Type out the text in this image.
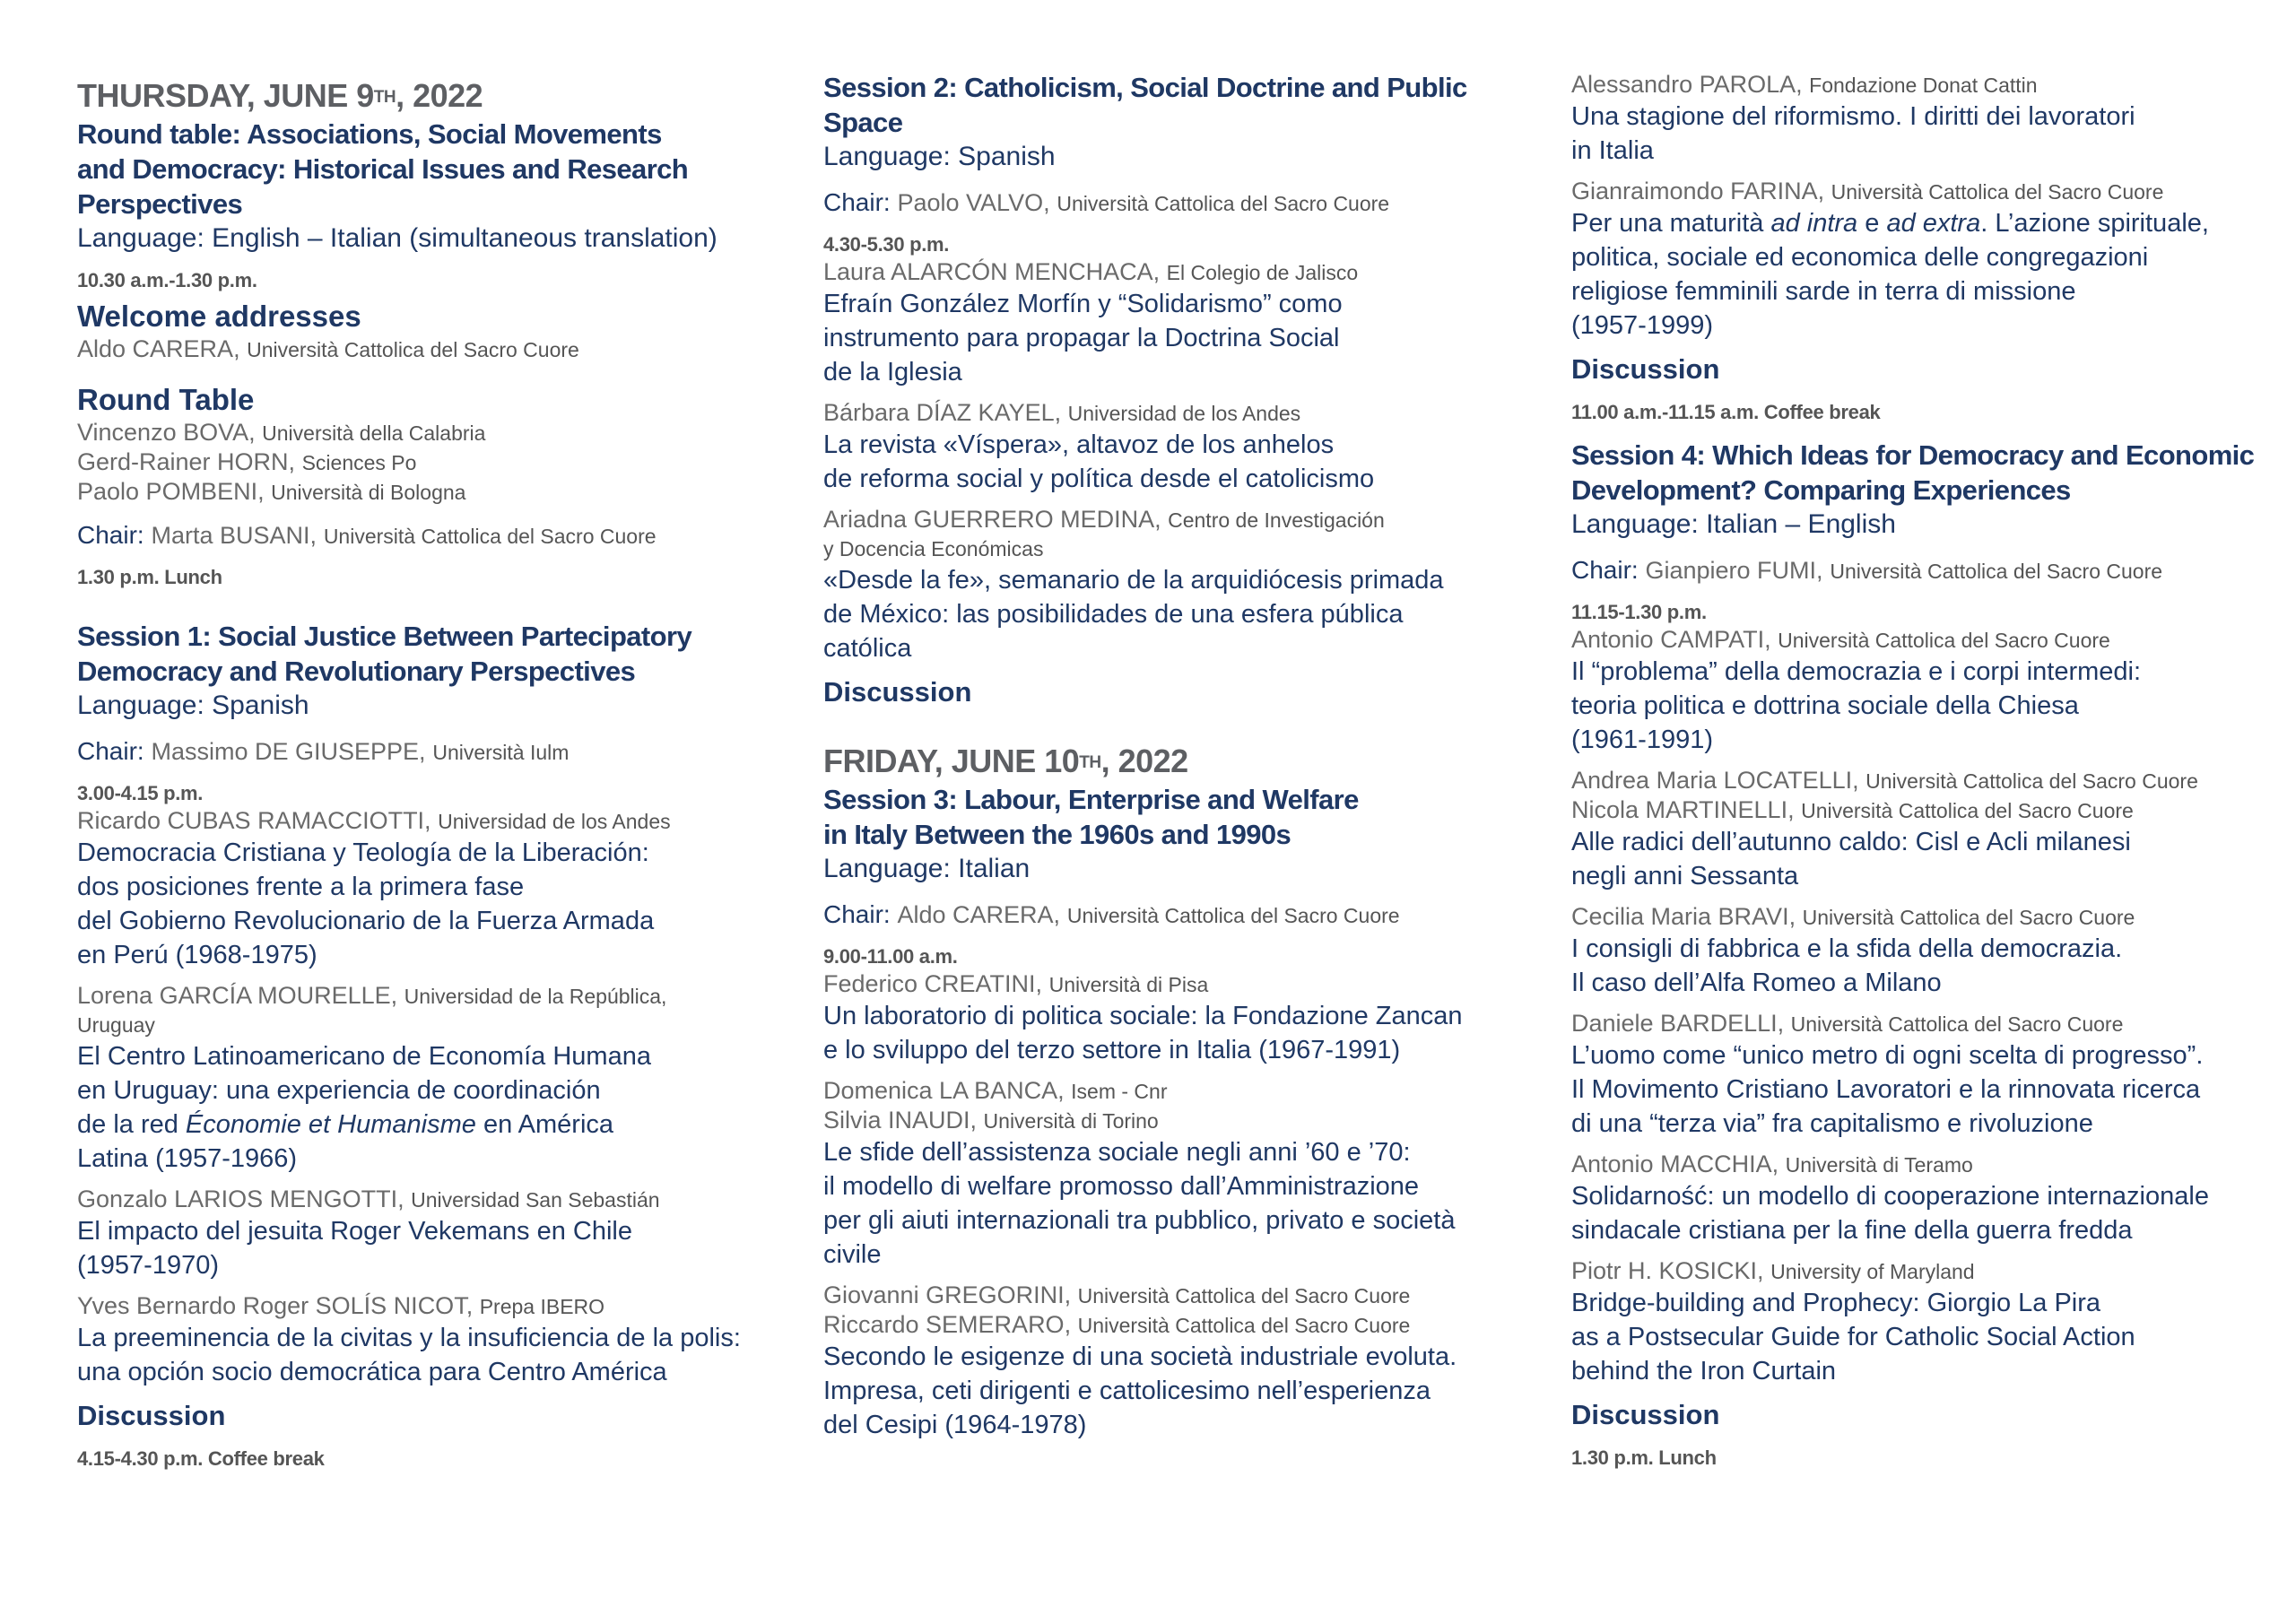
THURSDAY, JUNE 9TH, 2022
Round table: Associations, Social Movements
and Democracy: Historical Issues and Research
Perspectives
Language: English – Italian (simultaneous translation)
10.30 a.m.-1.30 p.m.
Welcome addresses
Aldo CARERA, Università Cattolica del Sacro Cuore
Round Table
Vincenzo BOVA, Università della Calabria
Gerd-Rainer HORN, Sciences Po
Paolo POMBENI, Università di Bologna
Chair: Marta BUSANI, Università Cattolica del Sacro Cuore
1.30 p.m. Lunch
Session 1: Social Justice Between Partecipatory
Democracy and Revolutionary Perspectives
Language: Spanish
Chair: Massimo DE GIUSEPPE, Università Iulm
3.00-4.15 p.m.
Ricardo CUBAS RAMACCIOTTI, Universidad de los Andes
Democracia Cristiana y Teología de la Liberación:
dos posiciones frente a la primera fase
del Gobierno Revolucionario de la Fuerza Armada
en Perú (1968-1975)
Lorena GARCÍA MOURELLE, Universidad de la República,
Uruguay
El Centro Latinoamericano de Economía Humana
en Uruguay: una experiencia de coordinación
de la red Économie et Humanisme en América
Latina (1957-1966)
Gonzalo LARIOS MENGOTTI, Universidad San Sebastián
El impacto del jesuita Roger Vekemans en Chile
(1957-1970)
Yves Bernardo Roger SOLÍS NICOT, Prepa IBERO
La preeminencia de la civitas y la insuficiencia de la polis:
una opción socio democrática para Centro América
Discussion
4.15-4.30 p.m. Coffee break
Session 2: Catholicism, Social Doctrine and Public
Space
Language: Spanish
Chair: Paolo VALVO, Università Cattolica del Sacro Cuore
4.30-5.30 p.m.
Laura ALARCÓN MENCHACA, El Colegio de Jalisco
Efraín González Morfín y “Solidarismo” como
instrumento para propagar la Doctrina Social
de la Iglesia
Bárbara DÍAZ KAYEL, Universidad de los Andes
La revista «Víspera», altavoz de los anhelos
de reforma social y política desde el catolicismo
Ariadna GUERRERO MEDINA, Centro de Investigación
y Docencia Económicas
«Desde la fe», semanario de la arquidiócesis primada
de México: las posibilidades de una esfera pública
católica
Discussion
FRIDAY, JUNE 10TH, 2022
Session 3: Labour, Enterprise and Welfare
in Italy Between the 1960s and 1990s
Language: Italian
Chair: Aldo CARERA, Università Cattolica del Sacro Cuore
9.00-11.00 a.m.
Federico CREATINI, Università di Pisa
Un laboratorio di politica sociale: la Fondazione Zancan
e lo sviluppo del terzo settore in Italia (1967-1991)
Domenica LA BANCA, Isem - Cnr
Silvia INAUDI, Università di Torino
Le sfide dell’assistenza sociale negli anni ’60 e ’70:
il modello di welfare promosso dall’Amministrazione
per gli aiuti internazionali tra pubblico, privato e società
civile
Giovanni GREGORINI, Università Cattolica del Sacro Cuore
Riccardo SEMERARO, Università Cattolica del Sacro Cuore
Secondo le esigenze di una società industriale evoluta.
Impresa, ceti dirigenti e cattolicesimo nell’esperienza
del Cesipi (1964-1978)
Alessandro PAROLA, Fondazione Donat Cattin
Una stagione del riformismo. I diritti dei lavoratori
in Italia
Gianraimondo FARINA, Università Cattolica del Sacro Cuore
Per una maturità ad intra e ad extra. L’azione spirituale,
politica, sociale ed economica delle congregazioni
religiose femminili sarde in terra di missione
(1957-1999)
Discussion
11.00 a.m.-11.15 a.m. Coffee break
Session 4: Which Ideas for Democracy and Economic
Development? Comparing Experiences
Language: Italian – English
Chair: Gianpiero FUMI, Università Cattolica del Sacro Cuore
11.15-1.30 p.m.
Antonio CAMPATI, Università Cattolica del Sacro Cuore
Il “problema” della democrazia e i corpi intermedi:
teoria politica e dottrina sociale della Chiesa
(1961-1991)
Andrea Maria LOCATELLI, Università Cattolica del Sacro Cuore
Nicola MARTINELLI, Università Cattolica del Sacro Cuore
Alle radici dell’autunno caldo: Cisl e Acli milanesi
negli anni Sessanta
Cecilia Maria BRAVI, Università Cattolica del Sacro Cuore
I consigli di fabbrica e la sfida della democrazia.
Il caso dell’Alfa Romeo a Milano
Daniele BARDELLI, Università Cattolica del Sacro Cuore
L’uomo come “unico metro di ogni scelta di progresso”.
Il Movimento Cristiano Lavoratori e la rinnovata ricerca
di una “terza via” fra capitalismo e rivoluzione
Antonio MACCHIA, Università di Teramo
Solidarność: un modello di cooperazione internazionale
sindacale cristiana per la fine della guerra fredda
Piotr H. KOSICKI, University of Maryland
Bridge-building and Prophecy: Giorgio La Pira
as a Postsecular Guide for Catholic Social Action
behind the Iron Curtain
Discussion
1.30 p.m. Lunch
